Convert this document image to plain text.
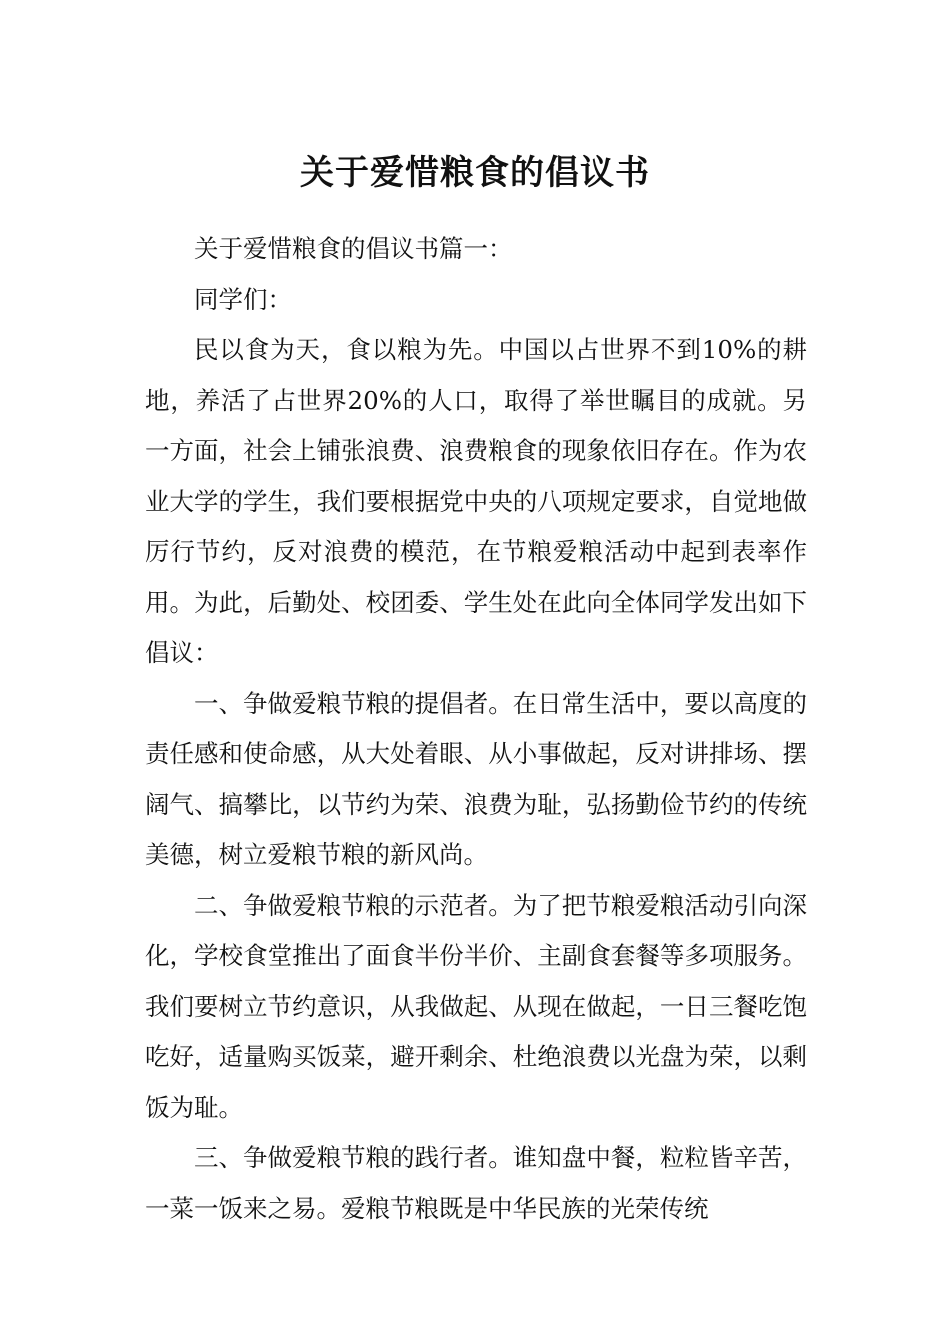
关于爱惜粮食的倡议书

关于爱惜粮食的倡议书篇一：

同学们：

民以食为天，食以粮为先。中国以占世界不到10%的耕地，养活了占世界20%的人口，取得了举世瞩目的成就。另一方面，社会上铺张浪费、浪费粮食的现象依旧存在。作为农业大学的学生，我们要根据党中央的八项规定要求，自觉地做厉行节约，反对浪费的模范，在节粮爱粮活动中起到表率作用。为此，后勤处、校团委、学生处在此向全体同学发出如下倡议：

一、争做爱粮节粮的提倡者。在日常生活中，要以高度的责任感和使命感，从大处着眼、从小事做起，反对讲排场、摆阔气、搞攀比，以节约为荣、浪费为耻，弘扬勤俭节约的传统美德，树立爱粮节粮的新风尚。

二、争做爱粮节粮的示范者。为了把节粮爱粮活动引向深化，学校食堂推出了面食半份半价、主副食套餐等多项服务。我们要树立节约意识，从我做起、从现在做起，一日三餐吃饱吃好，适量购买饭菜，避开剩余、杜绝浪费以光盘为荣，以剩饭为耻。

三、争做爱粮节粮的践行者。谁知盘中餐，粒粒皆辛苦，一菜一饭来之易。爱粮节粮既是中华民族的光荣传统
